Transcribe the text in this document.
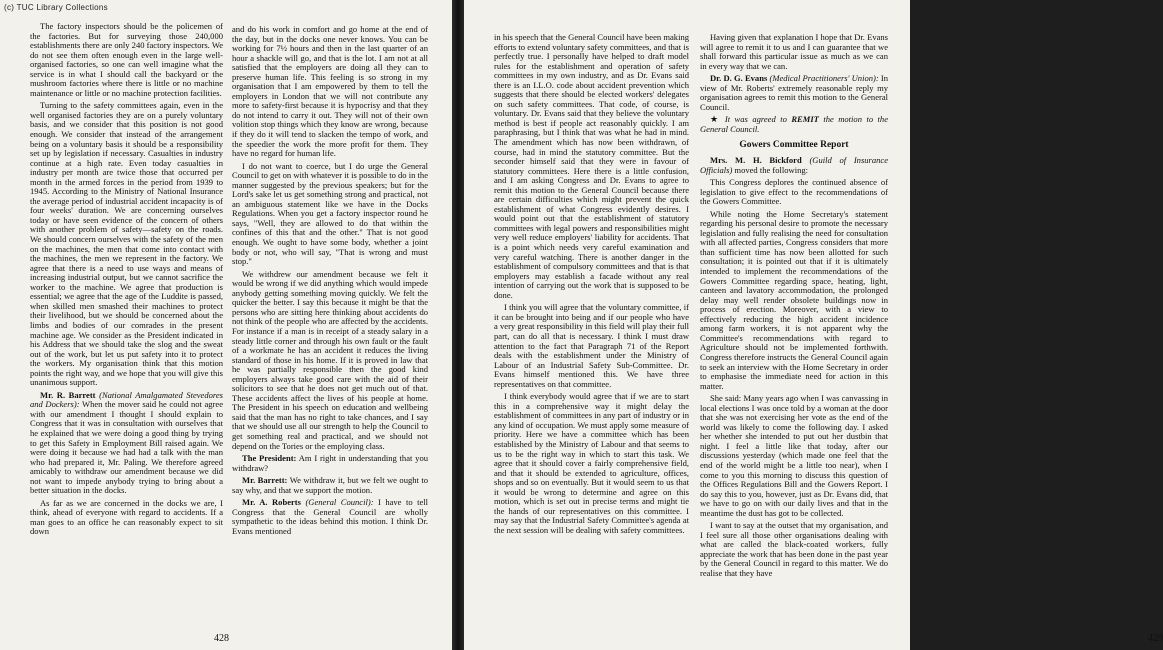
(c) TUC Library Collections

The factory inspectors should be the policemen of the factories. But for surveying those 240,000 establishments there are only 240 factory inspectors. We do not see them often enough even in the large well-organised factories, so one can well imagine what the service is in what I should call the backyard or the mushroom factories where there is little or no machine maintenance or little or no machine protection facilities.

Turning to the safety committees again, even in the well organised factories they are on a purely voluntary basis, and we consider that this position is not good enough. We consider that instead of the arrangement being on a voluntary basis it should be a responsibility set up by legislation if necessary. Casualties in industry continue at a high rate. Even today casualties in industry per month are twice those that occurred per month in the armed forces in the period from 1939 to 1945. According to the Ministry of National Insurance the average period of industrial accident incapacity is of four weeks' duration. We are concerning ourselves today or have seen evidence of the concern of others with another problem of safety—safety on the roads. We should concern ourselves with the safety of the men on the machines, the men that come into contact with the machines, the men we represent in the factory. We agree that there is a need to use ways and means of increasing industrial output, but we cannot sacrifice the worker to the machine. We agree that production is essential; we agree that the age of the Luddite is passed, when skilled men smashed their machines to protect their livelihood, but we should be concerned about the limbs and bodies of our comrades in the present machine age. We consider as the President indicated in his Address that we should take the slog and the sweat out of the work, but let us put safety into it to protect the workers. My organisation think that this motion points the right way, and we hope that you will give this unanimous support.

Mr. R. Barrett (National Amalgamated Stevedores and Dockers): When the mover said he could not agree with our amendment I thought I should explain to Congress that it was in consultation with ourselves that he explained that we were doing a good thing by trying to get this Safety in Employment Bill raised again. We were doing it because we had had a talk with the man who had prepared it, Mr. Paling. We therefore agreed amicably to withdraw our amendment because we did not want to impede anybody trying to bring about a better situation in the docks.

As far as we are concerned in the docks we are, I think, ahead of everyone with regard to accidents. If a man goes to an office he can reasonably expect to sit down

and do his work in comfort and go home at the end of the day, but in the docks one never knows. You can be working for 7½ hours and then in the last quarter of an hour a shackle will go, and that is the lot. I am not at all satisfied that the employers are doing all they can to preserve human life. This feeling is so strong in my organisation that I am empowered by them to tell the employers in London that we will not contribute any more to safety-first because it is hypocrisy and that they do not intend to carry it out. They will not of their own volition stop things which they know are wrong, because if they do it will tend to slacken the tempo of work, and the speedier the work the more profit for them. They have no regard for human life.

I do not want to coerce, but I do urge the General Council to get on with whatever it is possible to do in the manner suggested by the previous speakers; but for the Lord's sake let us get something strong and practical, not an ambiguous statement like we have in the Docks Regulations. When you get a factory inspector round he says, "Well, they are allowed to do that within the confines of this that and the other." That is not good enough. We ought to have some body, whether a joint body or not, who will say, "That is wrong and must stop."

We withdrew our amendment because we felt it would be wrong if we did anything which would impede anybody getting something moving quickly. We felt the quicker the better. I say this because it might be that the persons who are sitting here thinking about accidents do not think of the people who are affected by the accidents. For instance if a man is in receipt of a steady salary in a steady little corner and through his own fault or the fault of a workmate he has an accident it reduces the living standard of those in his home. If it is proved in law that he was partially responsible then the good kind employers always take good care with the aid of their solicitors to see that he does not get much out of that. These accidents affect the lives of his people at home. The President in his speech on education and wellbeing said that the man has no right to take chances, and I say that we should use all our strength to help the Council to get something real and practical, and we should not depend on the Tories or the employing class.

The President: Am I right in understanding that you withdraw?

Mr. Barrett: We withdraw it, but we felt we ought to say why, and that we support the motion.

Mr. A. Roberts (General Council): I have to tell Congress that the General Council are wholly sympathetic to the ideas behind this motion. I think Dr. Evans mentioned

428

in his speech that the General Council have been making efforts to extend voluntary safety committees, and that is perfectly true. I personally have helped to draft model rules for the establishment and operation of safety committees in my own industry, and as Dr. Evans said there is an I.L.O. code about accident prevention which suggests that there should be elected workers' delegates on such safety committees. That code, of course, is voluntary. Dr. Evans said that they believe the voluntary method is best if people act reasonably quickly. I am paraphrasing, but I think that was what he had in mind. The amendment which has now been withdrawn, of course, had in mind the statutory committee. But the seconder himself said that they were in favour of statutory committees. Here there is a little confusion, and I am asking Congress and Dr. Evans to agree to remit this motion to the General Council because there are certain difficulties which might prevent the quick establishment of what Congress evidently desires. I would point out that the establishment of statutory committees with legal powers and responsibilities might very well reduce employers' liability for accidents. That is a point which needs very careful examination and very careful watching. There is another danger in the establishment of compulsory committees and that is that employers may establish a facade without any real intention of carrying out the work that is supposed to be done.

I think you will agree that the voluntary committee, if it can be brought into being and if our people who have a very great responsibility in this field will play their full part, can do all that is necessary. I think I must draw attention to the fact that Paragraph 71 of the Report deals with the establishment under the Ministry of Labour of an Industrial Safety Sub-Committee. Dr. Evans himself mentioned this. We have three representatives on that committee.

I think everybody would agree that if we are to start this in a comprehensive way it might delay the establishment of committees in any part of industry or in any kind of occupation. We must apply some measure of priority. Here we have a committee which has been established by the Ministry of Labour and that seems to us to be the right way in which to start this task. We agree that it should cover a fairly comprehensive field, and that it should be extended to agriculture, offices, shops and so on eventually. But it would seem to us that it would be wrong to determine and agree on this motion, which is set out in precise terms and might tie the hands of our representatives on this committee. I may say that the Industrial Safety Committee's agenda at the next session will be dealing with safety committees.

Having given that explanation I hope that Dr. Evans will agree to remit it to us and I can guarantee that we shall forward this particular issue as much as we can in every way that we can.

Dr. D. G. Evans (Medical Practitioners' Union): In view of Mr. Roberts' extremely reasonable reply my organisation agrees to remit this motion to the General Council.

★ It was agreed to REMIT the motion to the General Council.

Gowers Committee Report

Mrs. M. H. Bickford (Guild of Insurance Officials) moved the following:

This Congress deplores the continued absence of legislation to give effect to the recommendations of the Gowers Committee.

While noting the Home Secretary's statement regarding his personal desire to promote the necessary legislation and fully realising the need for consultation with all affected parties, Congress considers that more than sufficient time has now been allotted for such consultation; it is pointed out that if it is ultimately intended to implement the recommendations of the Gowers Committee regarding space, heating, light, canteen and lavatory accommodation, the prolonged delay may well render obsolete buildings now in process of erection. Moreover, with a view to effectively reducing the high accident incidence among farm workers, it is not apparent why the Committee's recommendations with regard to Agriculture should not be implemented forthwith. Congress therefore instructs the General Council again to seek an interview with the Home Secretary in order to emphasise the immediate need for action in this matter.

She said: Many years ago when I was canvassing in local elections I was once told by a woman at the door that she was not exercising her vote as the end of the world was likely to come the following day. I asked her whether she intended to put out her dustbin that night. I feel a little like that today, after our discussions yesterday (which made one feel that the end of the world might be a little too near), when I come to you this morning to discuss this question of the Offices Regulations Bill and the Gowers Report. I do say this to you, however, just as Dr. Evans did, that we have to go on with our daily lives and that in the meantime the dust has got to be collected.

I want to say at the outset that my organisation, and I feel sure all those other organisations dealing with what are called the black-coated workers, fully appreciate the work that has been done in the past year by the General Council in regard to this matter. We do realise that they have

429
